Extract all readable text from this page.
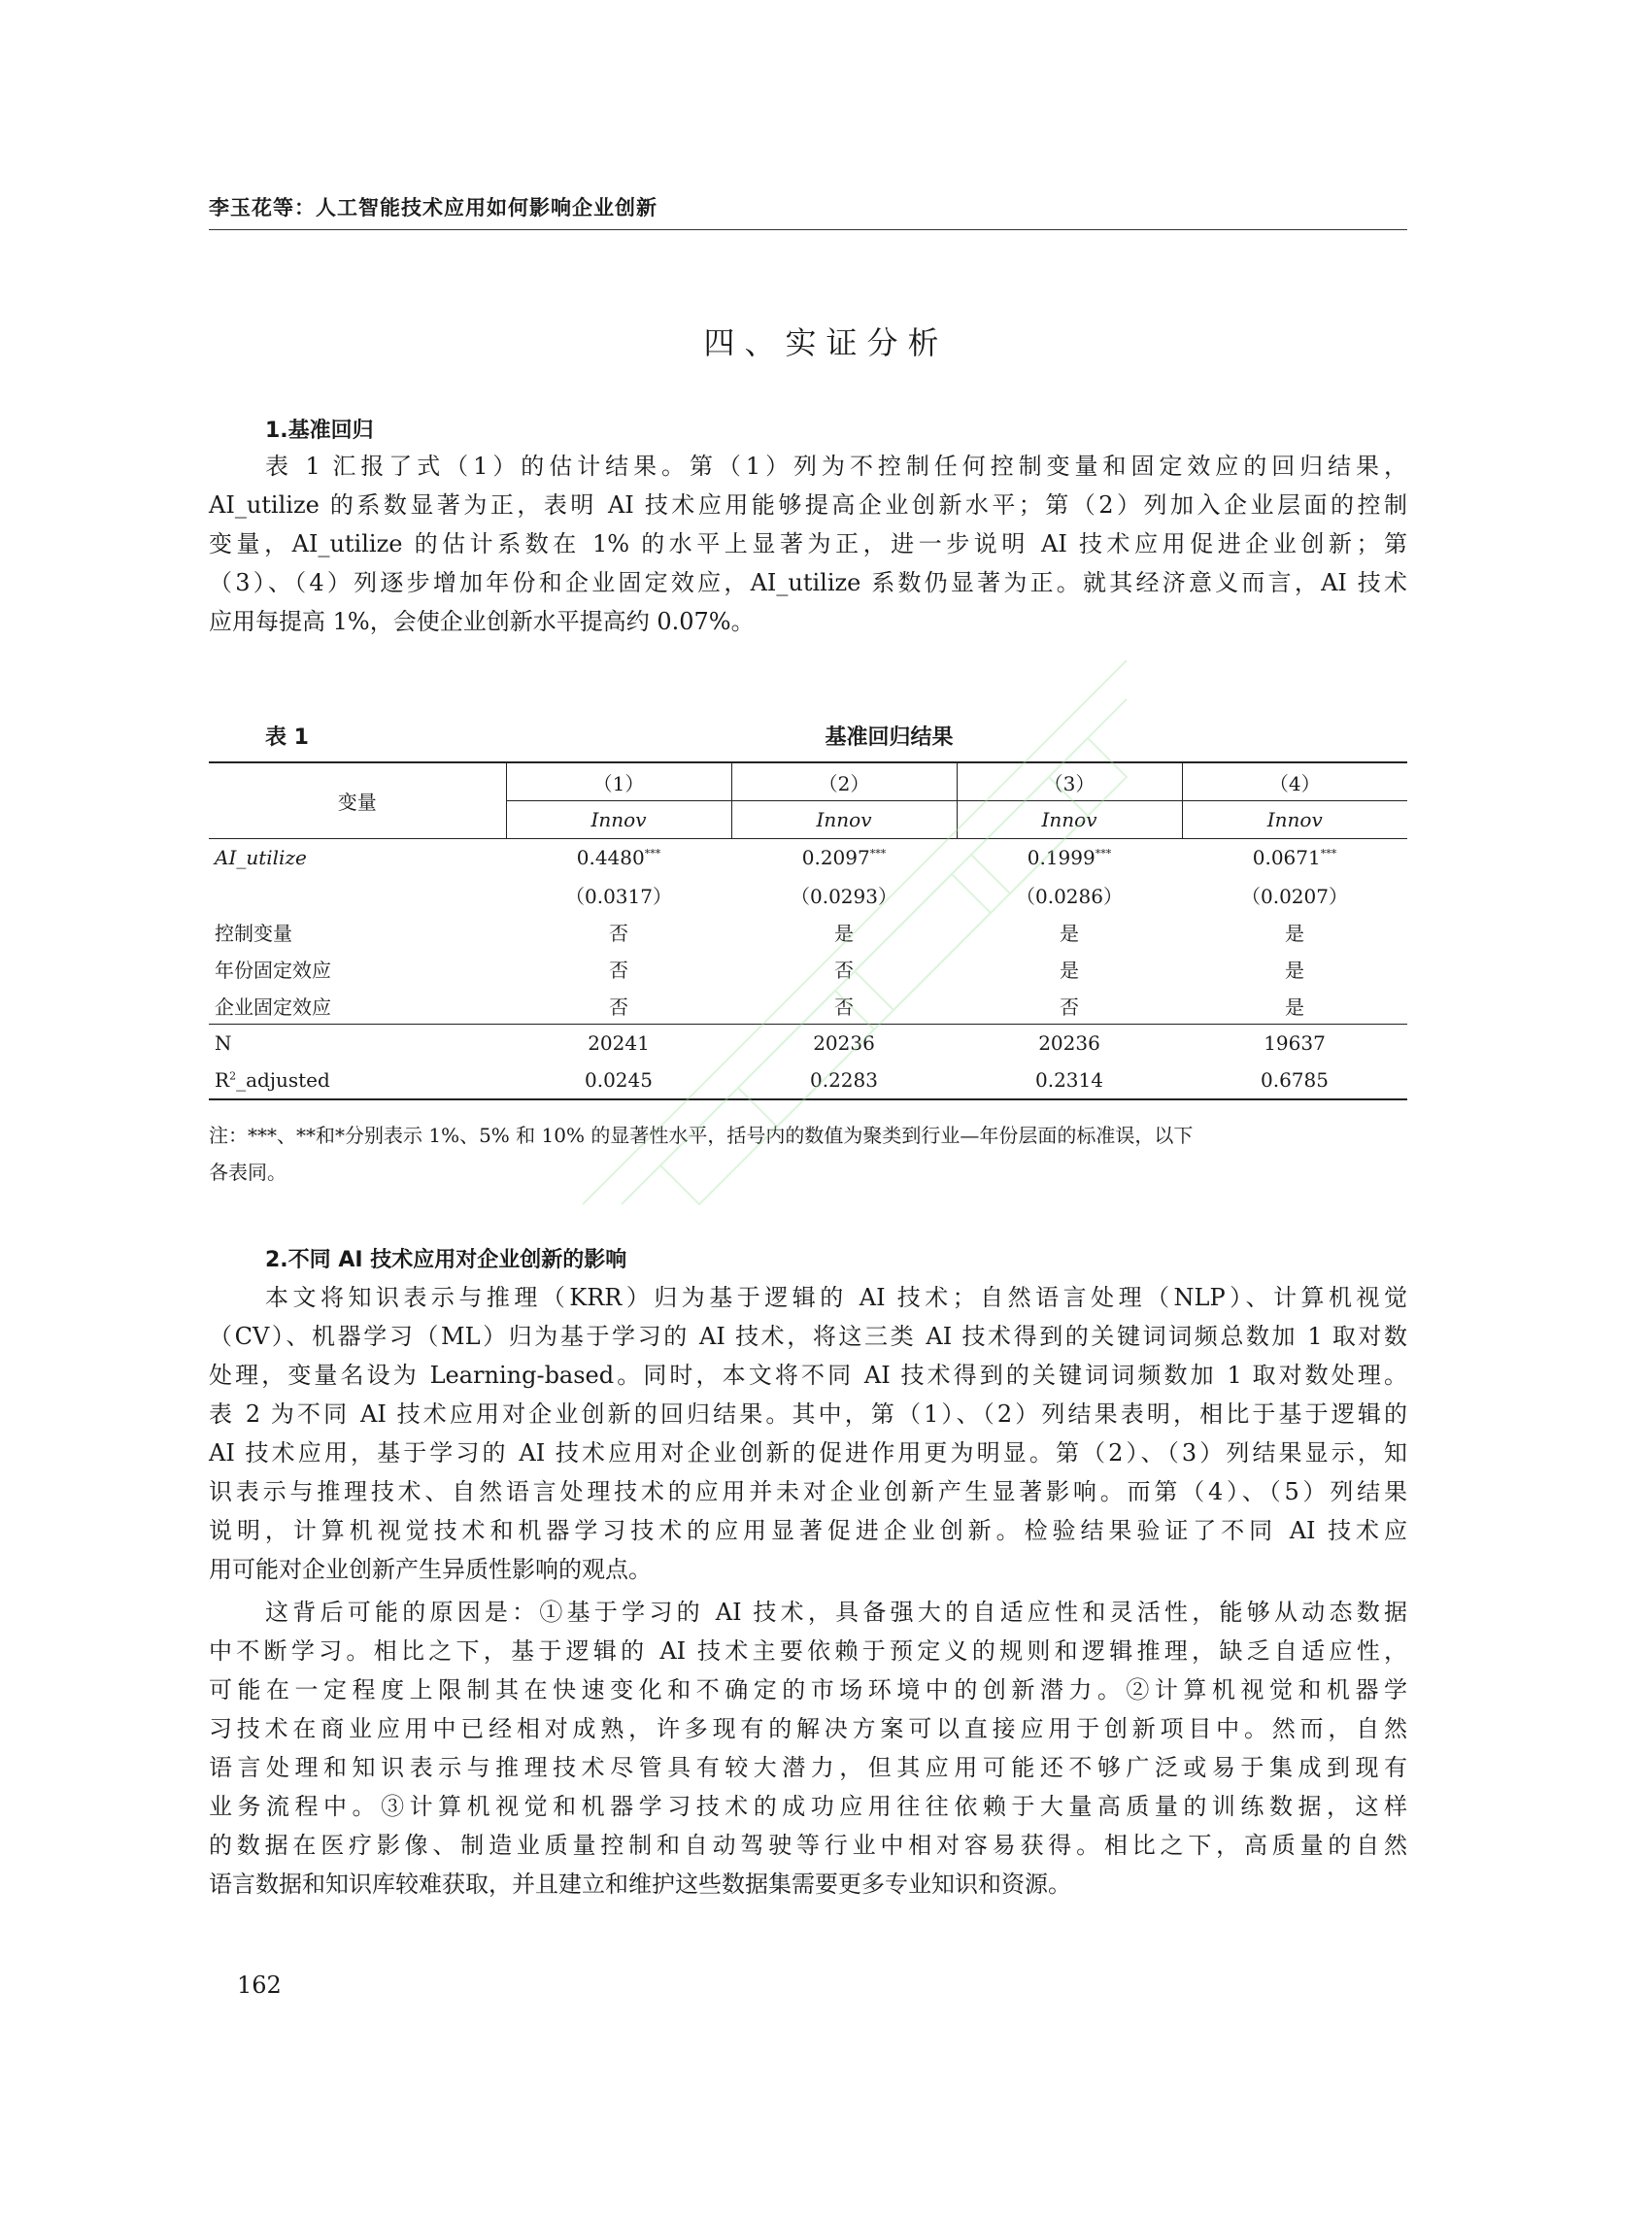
李玉花等：人工智能技术应用如何影响企业创新
四、实证分析
1.基准回归
表 1 汇报了式（1）的估计结果。第（1）列为不控制任何控制变量和固定效应的回归结果，
AI_utilize 的系数显著为正，表明 AI 技术应用能够提高企业创新水平；第（2）列加入企业层面的控制
变量，AI_utilize 的估计系数在 1% 的水平上显著为正，进一步说明 AI 技术应用促进企业创新；第
（3）、（4）列逐步增加年份和企业固定效应，AI_utilize 系数仍显著为正。就其经济意义而言，AI 技术
应用每提高 1%，会使企业创新水平提高约 0.07%。
表 1	基准回归结果
变量	（1）	（2）	（3）	（4）
	Innov	Innov	Innov	Innov
AI_utilize	0.4480***	0.2097***	0.1999***	0.0671***
	（0.0317）	（0.0293）	（0.0286）	（0.0207）
控制变量	否	是	是	是
年份固定效应	否	否	是	是
企业固定效应	否	否	否	是
N	20241	20236	20236	19637
$R^2\_adjusted$	0.0245	0.2283	0.2314	0.6785
注：***、**和*分别表示 1%、5% 和 10% 的显著性水平，括号内的数值为聚类到行业—年份层面的标准误，以下
各表同。
2.不同 AI 技术应用对企业创新的影响
本文将知识表示与推理（KRR）归为基于逻辑的 AI 技术；自然语言处理（NLP）、计算机视觉
（CV）、机器学习（ML）归为基于学习的 AI 技术，将这三类 AI 技术得到的关键词词频总数加 1 取对数
处理，变量名设为 Learning-based。同时，本文将不同 AI 技术得到的关键词词频数加 1 取对数处理。
表 2 为不同 AI 技术应用对企业创新的回归结果。其中，第（1）、（2）列结果表明，相比于基于逻辑的
AI 技术应用，基于学习的 AI 技术应用对企业创新的促进作用更为明显。第（2）、（3）列结果显示，知
识表示与推理技术、自然语言处理技术的应用并未对企业创新产生显著影响。而第（4）、（5）列结果
说明，计算机视觉技术和机器学习技术的应用显著促进企业创新。检验结果验证了不同 AI 技术应
用可能对企业创新产生异质性影响的观点。
这背后可能的原因是：①基于学习的 AI 技术，具备强大的自适应性和灵活性，能够从动态数据
中不断学习。相比之下，基于逻辑的 AI 技术主要依赖于预定义的规则和逻辑推理，缺乏自适应性，
可能在一定程度上限制其在快速变化和不确定的市场环境中的创新潜力。②计算机视觉和机器学
习技术在商业应用中已经相对成熟，许多现有的解决方案可以直接应用于创新项目中。然而，自然
语言处理和知识表示与推理技术尽管具有较大潜力，但其应用可能还不够广泛或易于集成到现有
业务流程中。③计算机视觉和机器学习技术的成功应用往往依赖于大量高质量的训练数据，这样
的数据在医疗影像、制造业质量控制和自动驾驶等行业中相对容易获得。相比之下，高质量的自然
语言数据和知识库较难获取，并且建立和维护这些数据集需要更多专业知识和资源。
162
